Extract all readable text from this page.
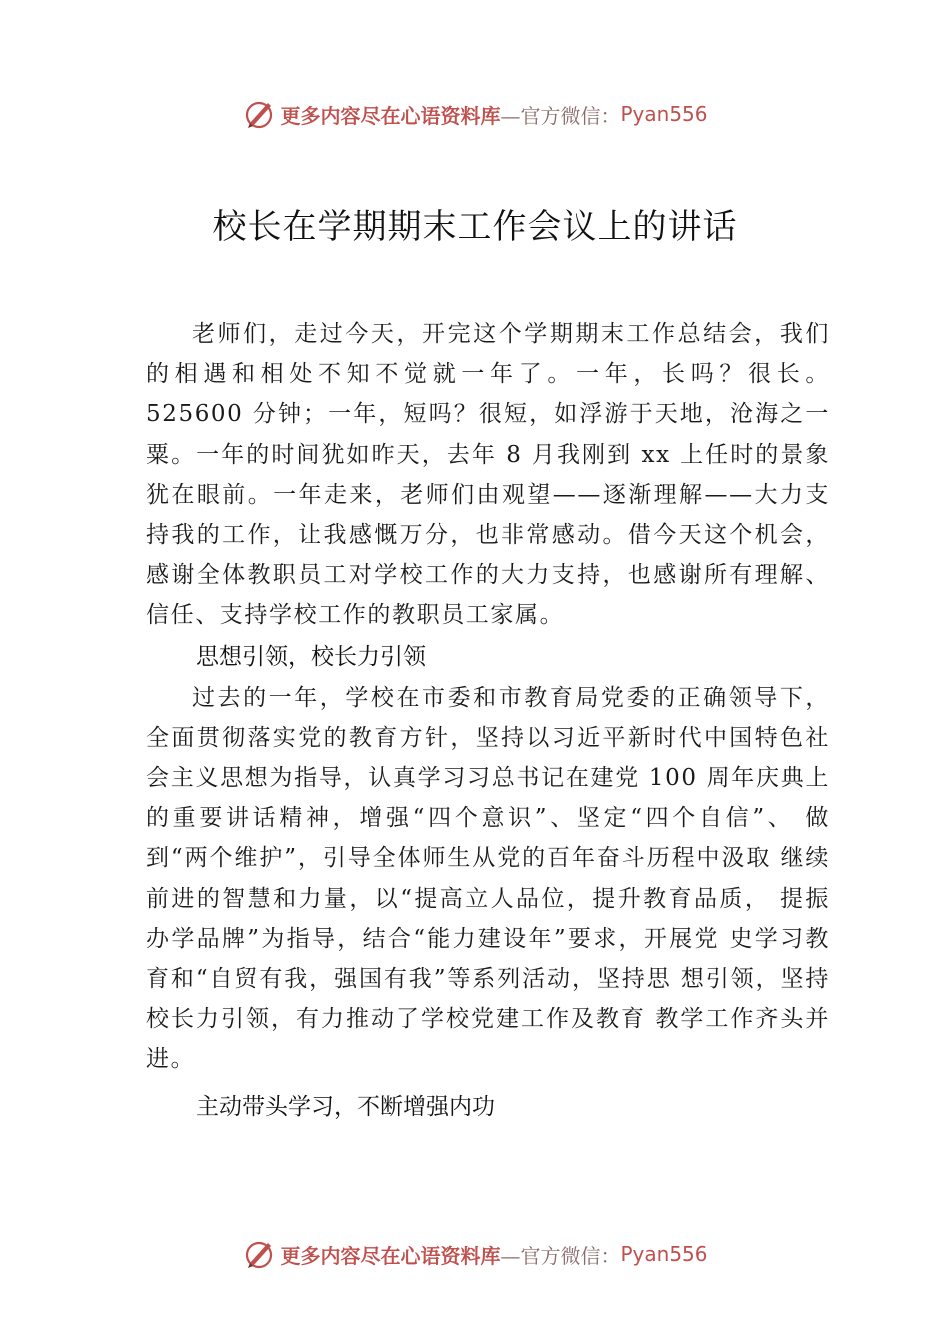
更多内容尽在心语资料库 —官方微信： Pyan556
校长在学期期末工作会议上的讲话

老师们，走过今天，开完这个学期期末工作总结会，我们的相遇和相处不知不觉就一年了。一年，长吗？很长。525600 分钟；一年，短吗？很短，如浮游于天地，沧海之一粟。一年的时间犹如昨天，去年 8 月我刚到 xx 上任时的景象犹在眼前。一年走来，老师们由观望——逐渐理解——大力支持我的工作，让我感慨万分，也非常感动。借今天这个机会，感谢全体教职员工对学校工作的大力支持，也感谢所有理解、信任、支持学校工作的教职员工家属。

思想引领，校长力引领

过去的一年，学校在市委和市教育局党委的正确领导下，全面贯彻落实党的教育方针，坚持以习近平新时代中国特色社会主义思想为指导，认真学习习总书记在建党 100 周年庆典上的重要讲话精神，增强“四个意识”、坚定“四个自信”、 做到“两个维护”，引导全体师生从党的百年奋斗历程中汲取 继续前进的智慧和力量，以“提高立人品位，提升教育品质， 提振办学品牌”为指导，结合“能力建设年”要求，开展党 史学习教育和“自贸有我，强国有我”等系列活动，坚持思 想引领，坚持校长力引领，有力推动了学校党建工作及教育 教学工作齐头并进。

主动带头学习，不断增强内功
更多内容尽在心语资料库 —官方微信： Pyan556
